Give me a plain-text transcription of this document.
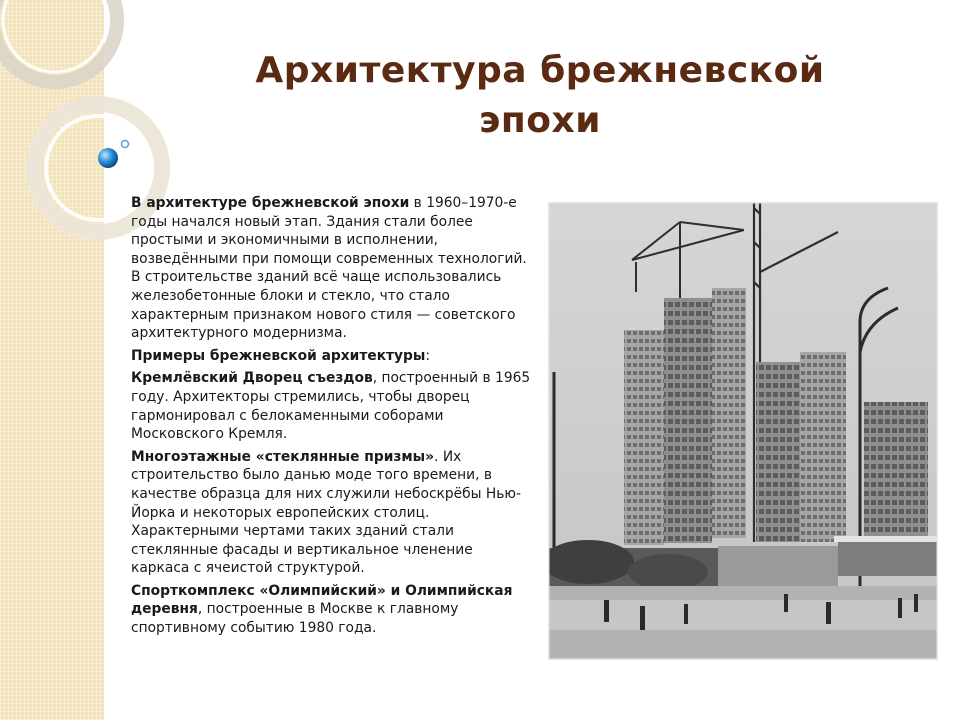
Архитектура брежневской
эпохи

В архитектуре брежневской эпохи в 1960–1970-е годы начался новый этап. Здания стали более простыми и экономичными в исполнении, возведёнными при помощи современных технологий. В строительстве зданий всё чаще использовались железобетонные блоки и стекло, что стало характерным признаком нового стиля — советского архитектурного модернизма.

Примеры брежневской архитектуры:

Кремлёвский Дворец съездов, построенный в 1965 году. Архитекторы стремились, чтобы дворец гармонировал с белокаменными соборами Московского Кремля.

Многоэтажные «стеклянные призмы». Их строительство было данью моде того времени, в качестве образца для них служили небоскрёбы Нью-Йорка и некоторых европейских столиц. Характерными чертами таких зданий стали стеклянные фасады и вертикальное членение каркаса с ячеистой структурой.

Спорткомплекс «Олимпийский» и Олимпийская деревня, построенные в Москве к главному спортивному событию 1980 года.
